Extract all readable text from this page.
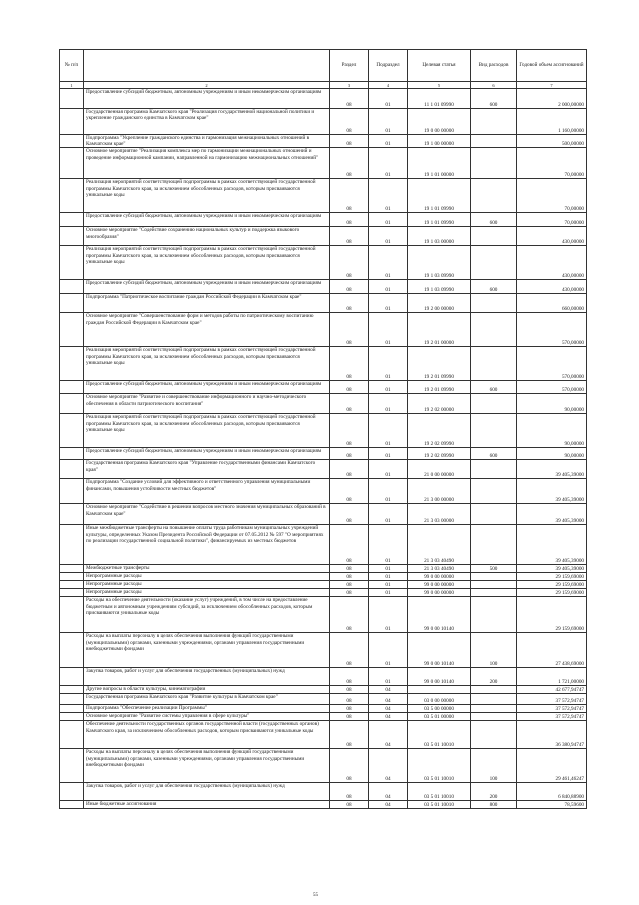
№ п/п		Раздел	Подраздел	Целевая статья	Вид расходов	Годовой объем ассигнований
1	2	3	4	5	6	7
	Предоставление субсидий бюджетным, автономным учреждениям и иным некоммерческим организациям	08	01	11 1 01 09990	600	2 000,00000
	Государственная программа Камчатского края "Реализация государственной национальной политики и укрепление гражданского единства в Камчатском крае"	08	01	19 0 00 00000		1 160,00000
	Подпрограмма "Укрепление гражданского единства и гармонизация межнациональных отношений в Камчатском крае"	08	01	19 1 00 00000		500,00000
	Основное мероприятие "Реализация комплекса мер по гармонизации межнациональных отношений и проведение информационной кампании, направленной на гармонизацию межнациональных отношений"	08	01	19 1 01 00000		70,00000
	Реализация мероприятий соответствующей подпрограммы в рамках соответствующей государственной программы Камчатского края, за исключением обособленных расходов, которым присваиваются уникальные коды	08	01	19 1 01 09990		70,00000
	Предоставление субсидий бюджетным, автономным учреждениям и иным некоммерческим организациям	08	01	19 1 01 09990	600	70,00000
	Основное мероприятие "Содействие сохранению национальных культур и поддержка языкового многообразия"	08	01	19 1 03 00000		430,00000
	Реализация мероприятий соответствующей подпрограммы в рамках соответствующей государственной программы Камчатского края, за исключением обособленных расходов, которым присваиваются уникальные коды	08	01	19 1 03 09990		430,00000
	Предоставление субсидий бюджетным, автономным учреждениям и иным некоммерческим организациям	08	01	19 1 03 09990	600	430,00000
	Подпрограмма "Патриотическое воспитание граждан Российской Федерации в Камчатском крае"	08	01	19 2 00 00000		660,00000
	Основное мероприятие "Совершенствование форм и методов работы по патриотическому воспитанию граждан Российской Федерации в Камчатском крае"	08	01	19 2 01 00000		570,00000
	Реализация мероприятий соответствующей подпрограммы в рамках соответствующей государственной программы Камчатского края, за исключением обособленных расходов, которым присваиваются уникальные коды	08	01	19 2 01 09990		570,00000
	Предоставление субсидий бюджетным, автономным учреждениям и иным некоммерческим организациям	08	01	19 2 01 09990	600	570,00000
	Основное мероприятие "Развитие и совершенствование информационного и научно-методического обеспечения в области патриотического воспитания"	08	01	19 2 02 00000		90,00000
	Реализация мероприятий соответствующей подпрограммы в рамках соответствующей государственной программы Камчатского края, за исключением обособленных расходов, которым присваиваются уникальные коды	08	01	19 2 02 09990		90,00000
	Предоставление субсидий бюджетным, автономным учреждениям и иным некоммерческим организациям	08	01	19 2 02 09990	600	90,00000
	Государственная программа Камчатского края "Управление государственными финансами Камчатского края"	08	01	21 0 00 00000		39 405,39000
	Подпрограмма "Создание условий для эффективного и ответственного управления муниципальными финансами, повышения устойчивости местных бюджетов"	08	01	21 3 00 00000		39 405,39000
	Основное мероприятие "Содействие в решении вопросов местного значения муниципальных образований в Камчатском крае"	08	01	21 3 03 00000		39 405,39000
	Иные межбюджетные трансферты на повышение оплаты труда работникам муниципальных учреждений культуры, определенных Указом Президента Российской Федерации от 07.05.2012 № 597 "О мероприятиях по реализации государственной социальной политики", финансируемых из местных бюджетов	08	01	21 3 03 40490		39 405,39000
	Межбюджетные трансферты	08	01	21 3 03 40490	500	39 405,39000
	Непрограммные расходы	08	01	99 0 00 00000		29 159,69000
	Непрограммные расходы	08	01	99 0 00 00000		29 159,69000
	Непрограммные расходы	08	01	99 0 00 00000		29 159,69000
	Расходы на обеспечение деятельности (оказание услуг) учреждений, в том числе на предоставление бюджетным и автономным учреждениям субсидий, за исключением обособленных расходов, которым присваиваются уникальные коды	08	01	99 0 00 10140		29 159,69000
	Расходы на выплаты персоналу в целях обеспечения выполнения функций государственными (муниципальными) органами, казенными учреждениями, органами управления государственными внебюджетными фондами	08	01	99 0 00 10140	100	27 438,69000
	Закупка товаров, работ и услуг для обеспечения государственных (муниципальных) нужд	08	01	99 0 00 10140	200	1 721,00000
	Другие вопросы в области культуры, кинематографии	08	04			42 677,94747
	Государственная программа Камчатского края "Развитие культуры в Камчатском крае"	08	04	03 0 00 00000		37 572,94747
	Подпрограмма "Обеспечение реализации Программы"	08	04	03 5 00 00000		37 572,94747
	Основное мероприятие "Развитие системы управления в сфере культуры"	08	04	03 5 01 00000		37 572,94747
	Обеспечение деятельности государственных органов государственной власти (государственных органов) Камчатского края, за исключением обособленных расходов, которым присваиваются уникальные коды	08	04	03 5 01 10010		36 380,94747
	Расходы на выплаты персоналу в целях обеспечения выполнения функций государственными (муниципальными) органами, казенными учреждениями, органами управления государственными внебюджетными фондами	08	04	03 5 01 10010	100	29 461,46247
	Закупка товаров, работ и услуг для обеспечения государственных (муниципальных) нужд	08	04	03 5 01 10010	200	6 840,88900
	Иные бюджетные ассигнования	08	04	03 5 01 10010	800	78,59600
55
